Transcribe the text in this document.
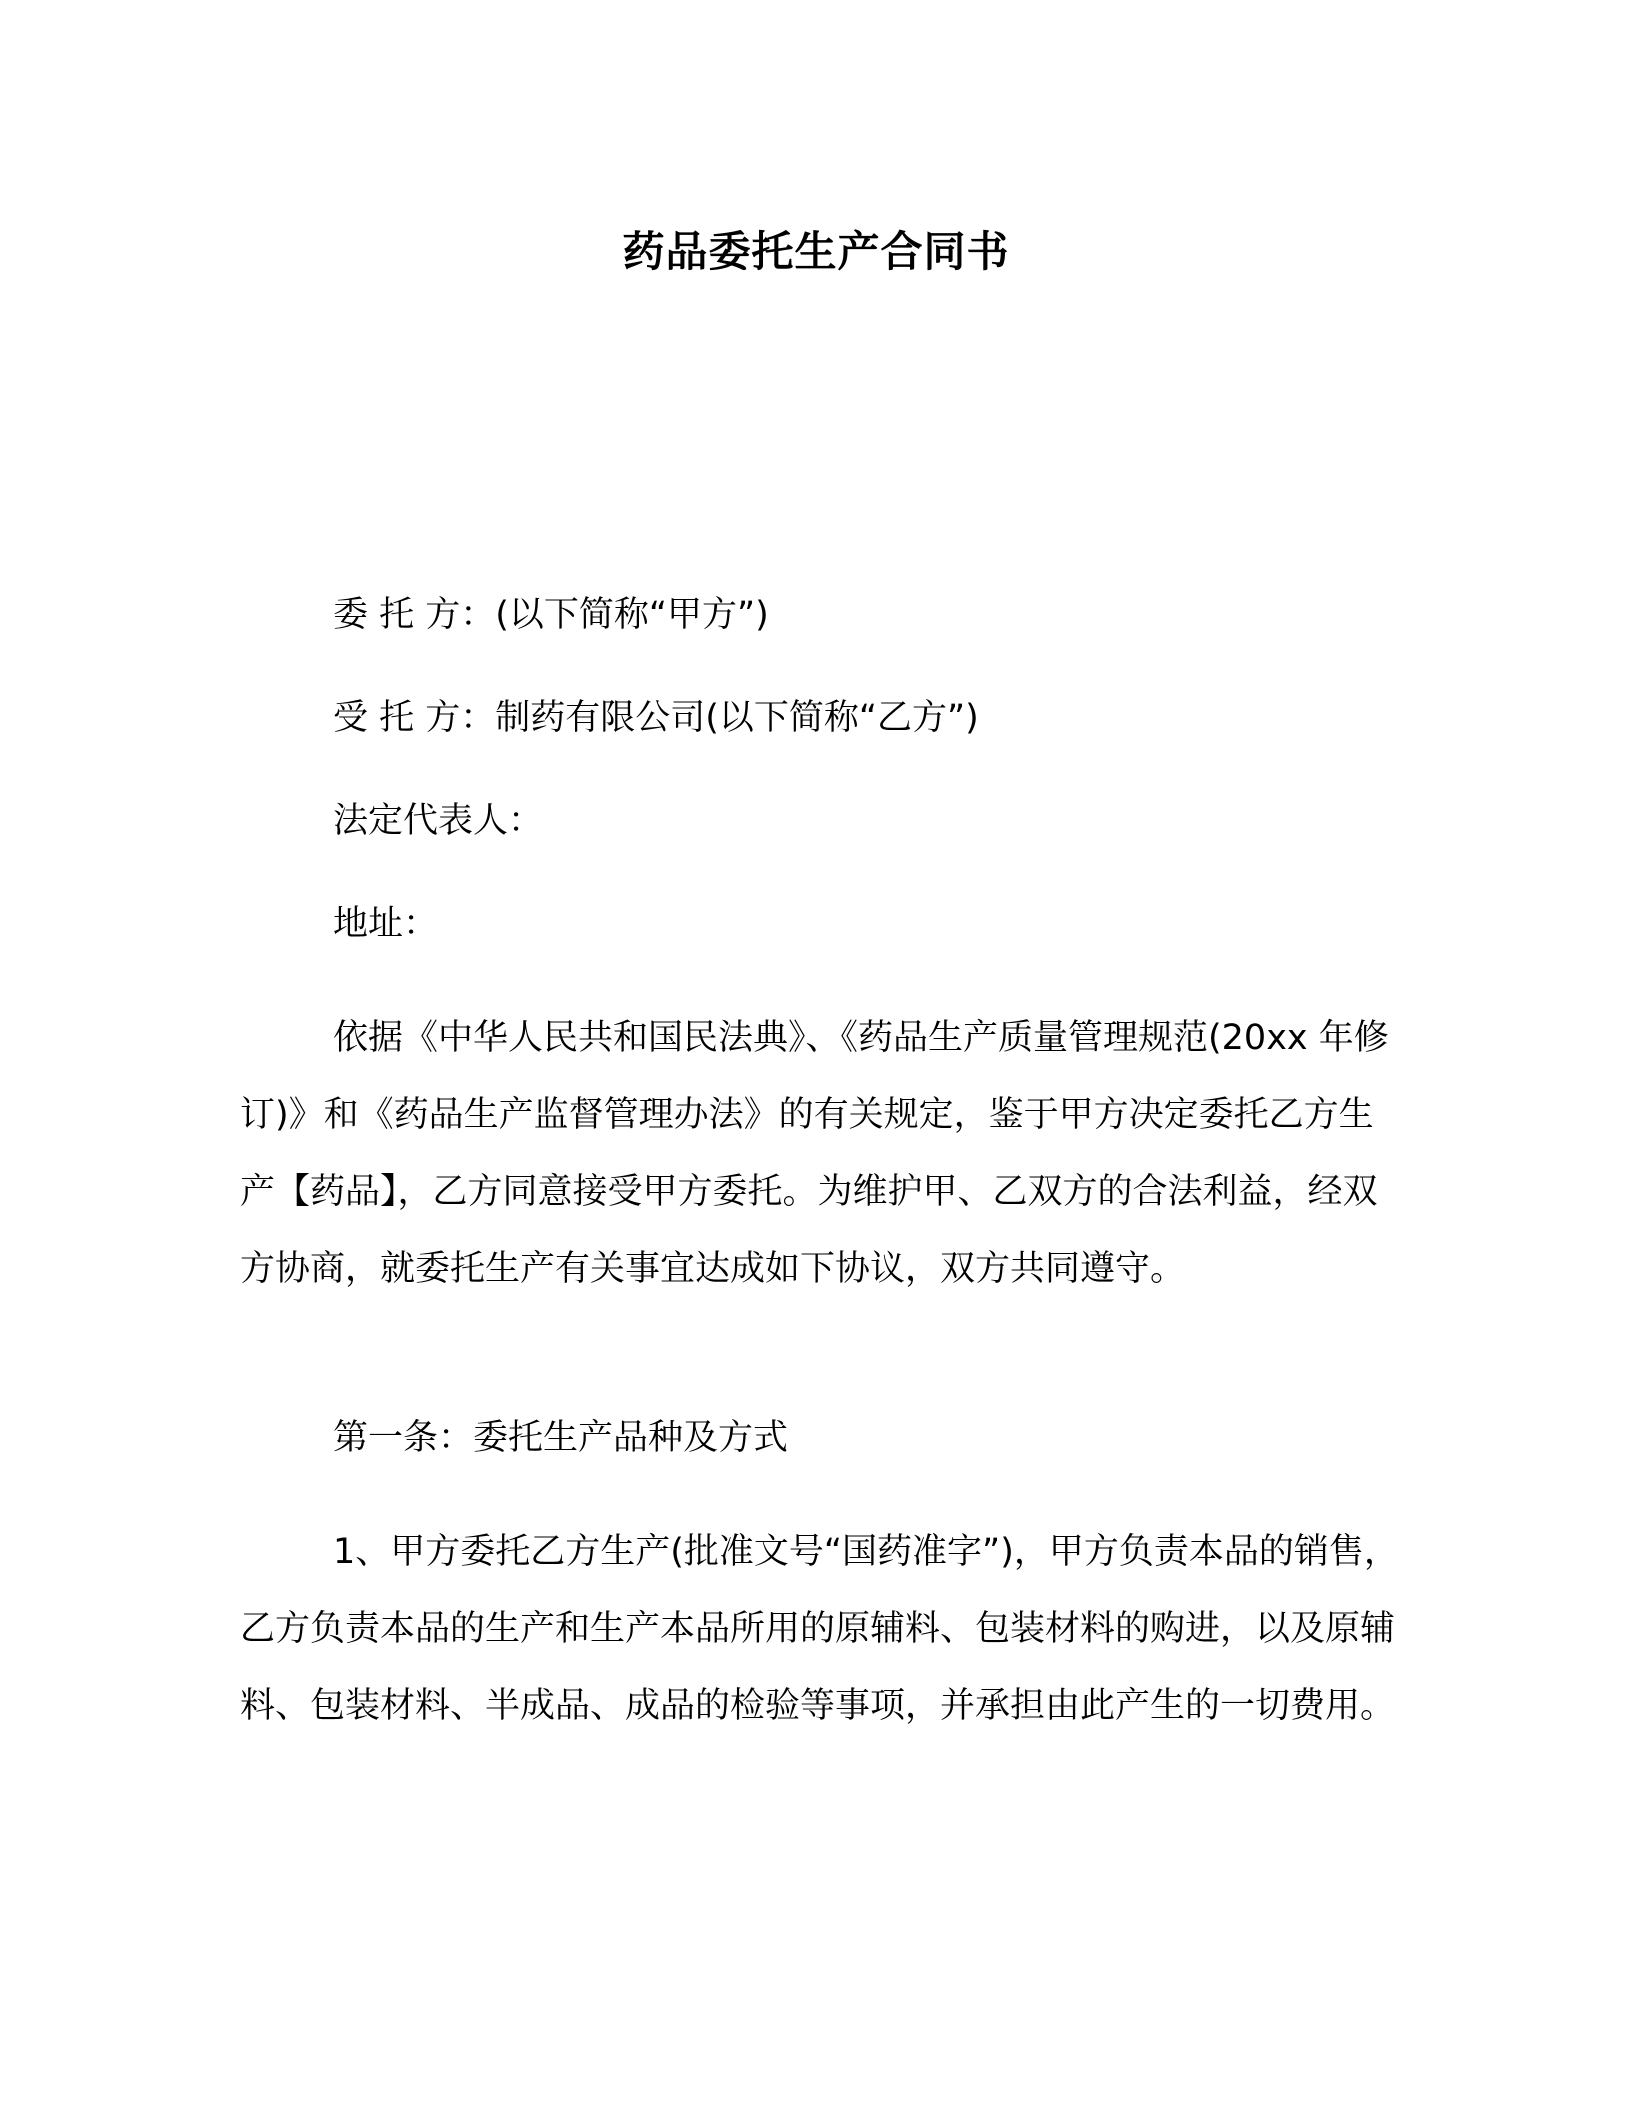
药品委托生产合同书
委 托 方：(以下简称“甲方”)
受 托 方：制药有限公司(以下简称“乙方”)
法定代表人：
地址：

依据《中华人民共和国民法典》、《药品生产质量管理规范(20xx 年修订)》和《药品生产监督管理办法》的有关规定，鉴于甲方决定委托乙方生产【药品】，乙方同意接受甲方委托。为维护甲、乙双方的合法利益，经双方协商，就委托生产有关事宜达成如下协议，双方共同遵守。

第一条：委托生产品种及方式

1、甲方委托乙方生产(批准文号“国药准字”)，甲方负责本品的销售，乙方负责本品的生产和生产本品所用的原辅料、包装材料的购进，以及原辅料、包装材料、半成品、成品的检验等事项，并承担由此产生的一切费用。
